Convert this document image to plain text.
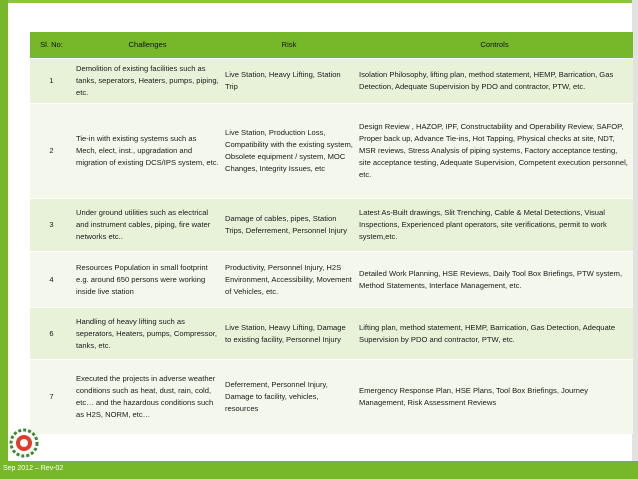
Sl. No:	Challenges	Risk	Controls
1	Demolition of existing facilities such as tanks, seperators, Heaters, pumps, piping, etc.	Live Station, Heavy Lifting, Station Trip	Isolation Philosophy, lifting plan, method statement, HEMP, Barrication, Gas Detection, Adequate Supervision by PDO and contractor, PTW, etc.
2	Tie-in with existing systems such as Mech, elect, inst., upgradation and migration of existing DCS/IPS system, etc.	Live Station, Production Loss, Compatibility with the existing system, Obsolete equipment / system, MOC Changes, Integrity Issues, etc	Design Review , HAZOP, IPF, Constructability and Operability Review, SAFOP, Proper back up, Advance Tie-ins, Hot Tapping, Physical checks at site, NDT, MSR reviews, Stress Analysis of piping systems, Factory acceptance testing, site acceptance testing, Adequate Supervision, Competent execution personnel, etc.
3	Under ground utilities such as electrical and instrument cables, piping, fire water networks etc..	Damage of cables, pipes, Station Trips, Deferrement, Personnel Injury	Latest As-Built drawings, Slit Trenching, Cable & Metal Detections, Visual Inspections, Experienced plant operators, site verifications, permit to work system,etc.
4	Resources Population in small footprint e.g. around 650 persons were working inside live station	Productivity, Personnel Injury, H2S Environment, Accessibility, Movement of Vehicles, etc.	Detailed Work Planning, HSE Reviews, Daily Tool Box Briefings, PTW system, Method Statements, Interface Management, etc.
6	Handling of heavy lifting such as seperators, Heaters, pumps, Compressor, tanks, etc.	Live Station, Heavy Lifting, Damage to existing facility, Personnel Injury	Lifting plan, method statement, HEMP, Barrication, Gas Detection, Adequate Supervision by PDO and contractor, PTW, etc.
7	Executed the projects in adverse weather conditions such as heat, dust, rain, cold, etc… and the hazardous conditions such as H2S, NORM, etc…	Deferrement, Personnel Injury, Damage to facility, vehicles, resources	Emergency Response Plan, HSE Plans, Tool Box Briefings, Journey Management, Risk Assessment Reviews
Sep 2012 – Rev-02
